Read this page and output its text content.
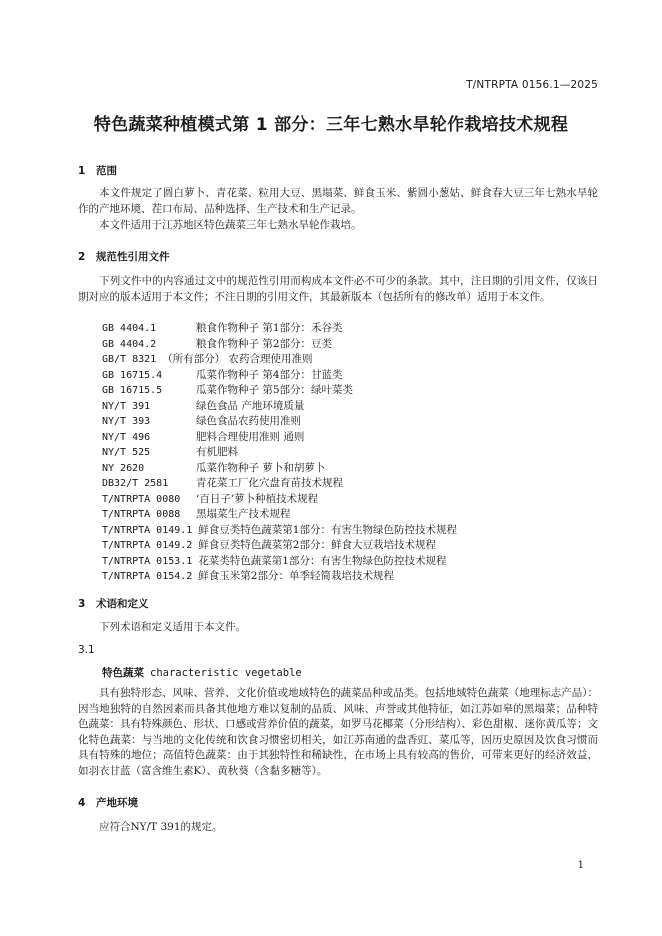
T/NTRPTA 0156.1—2025
特色蔬菜种植模式第 1 部分：三年七熟水旱轮作栽培技术规程
1 范围
本文件规定了圆白萝卜、青花菜、粒用大豆、黑塌菜、鲜食玉米、紫圆小葱姑、鲜食春大豆三年七熟水旱轮作的产地环境、茬口布局、品种选择、生产技术和生产记录。
本文件适用于江苏地区特色蔬菜三年七熟水旱轮作栽培。
2 规范性引用文件
下列文件中的内容通过文中的规范性引用而构成本文件必不可少的条款。其中，注日期的引用文件，仅该日期对应的版本适用于本文件；不注日期的引用文件，其最新版本（包括所有的修改单）适用于本文件。
GB 4404.1	粮食作物种子 第1部分：禾谷类
GB 4404.2	粮食作物种子 第2部分：豆类
GB/T 8321 （所有部分） 农药合理使用准则
GB 16715.4	瓜菜作物种子 第4部分：甘蓝类
GB 16715.5	瓜菜作物种子 第5部分：绿叶菜类
NY/T 391	绿色食品 产地环境质量
NY/T 393	绿色食品农药使用准则
NY/T 496	肥料合理使用准则 通则
NY/T 525	有机肥料
NY 2620	瓜菜作物种子 萝卜和胡萝卜
DB32/T 2581	青花菜工厂化穴盘育苗技术规程
T/NTRPTA 0080 ‘百日子’萝卜种植技术规程
T/NTRPTA 0088 黑塌菜生产技术规程
T/NTRPTA 0149.1 鲜食豆类特色蔬菜第1部分：有害生物绿色防控技术规程
T/NTRPTA 0149.2 鲜食豆类特色蔬菜第2部分：鲜食大豆栽培技术规程
T/NTRPTA 0153.1 花菜类特色蔬菜第1部分：有害生物绿色防控技术规程
T/NTRPTA 0154.2 鲜食玉米第2部分：单季轻简栽培技术规程
3 术语和定义
下列术语和定义适用于本文件。
3.1
特色蔬菜 characteristic vegetable
具有独特形态、风味、营养、文化价值或地域特色的蔬菜品种或品类。包括地域特色蔬菜（地理标志产品）：因当地独特的自然因素而具备其他地方难以复制的品质、风味、声誉或其他特征，如江苏如皋的黑塌菜；品种特色蔬菜：具有特殊颜色、形状、口感或营养价值的蔬菜，如罗马花椰菜（分形结构）、彩色甜椒、迷你黄瓜等；文化特色蔬菜：与当地的文化传统和饮食习惯密切相关，如江苏南通的盘香豇、菜瓜等，因历史原因及饮食习惯而具有特殊的地位；高值特色蔬菜：由于其独特性和稀缺性，在市场上具有较高的售价，可带来更好的经济效益，如羽衣甘蓝（富含维生素K）、黄秋葵（含黏多糖等）。
4 产地环境
应符合NY/T 391的规定。
1
